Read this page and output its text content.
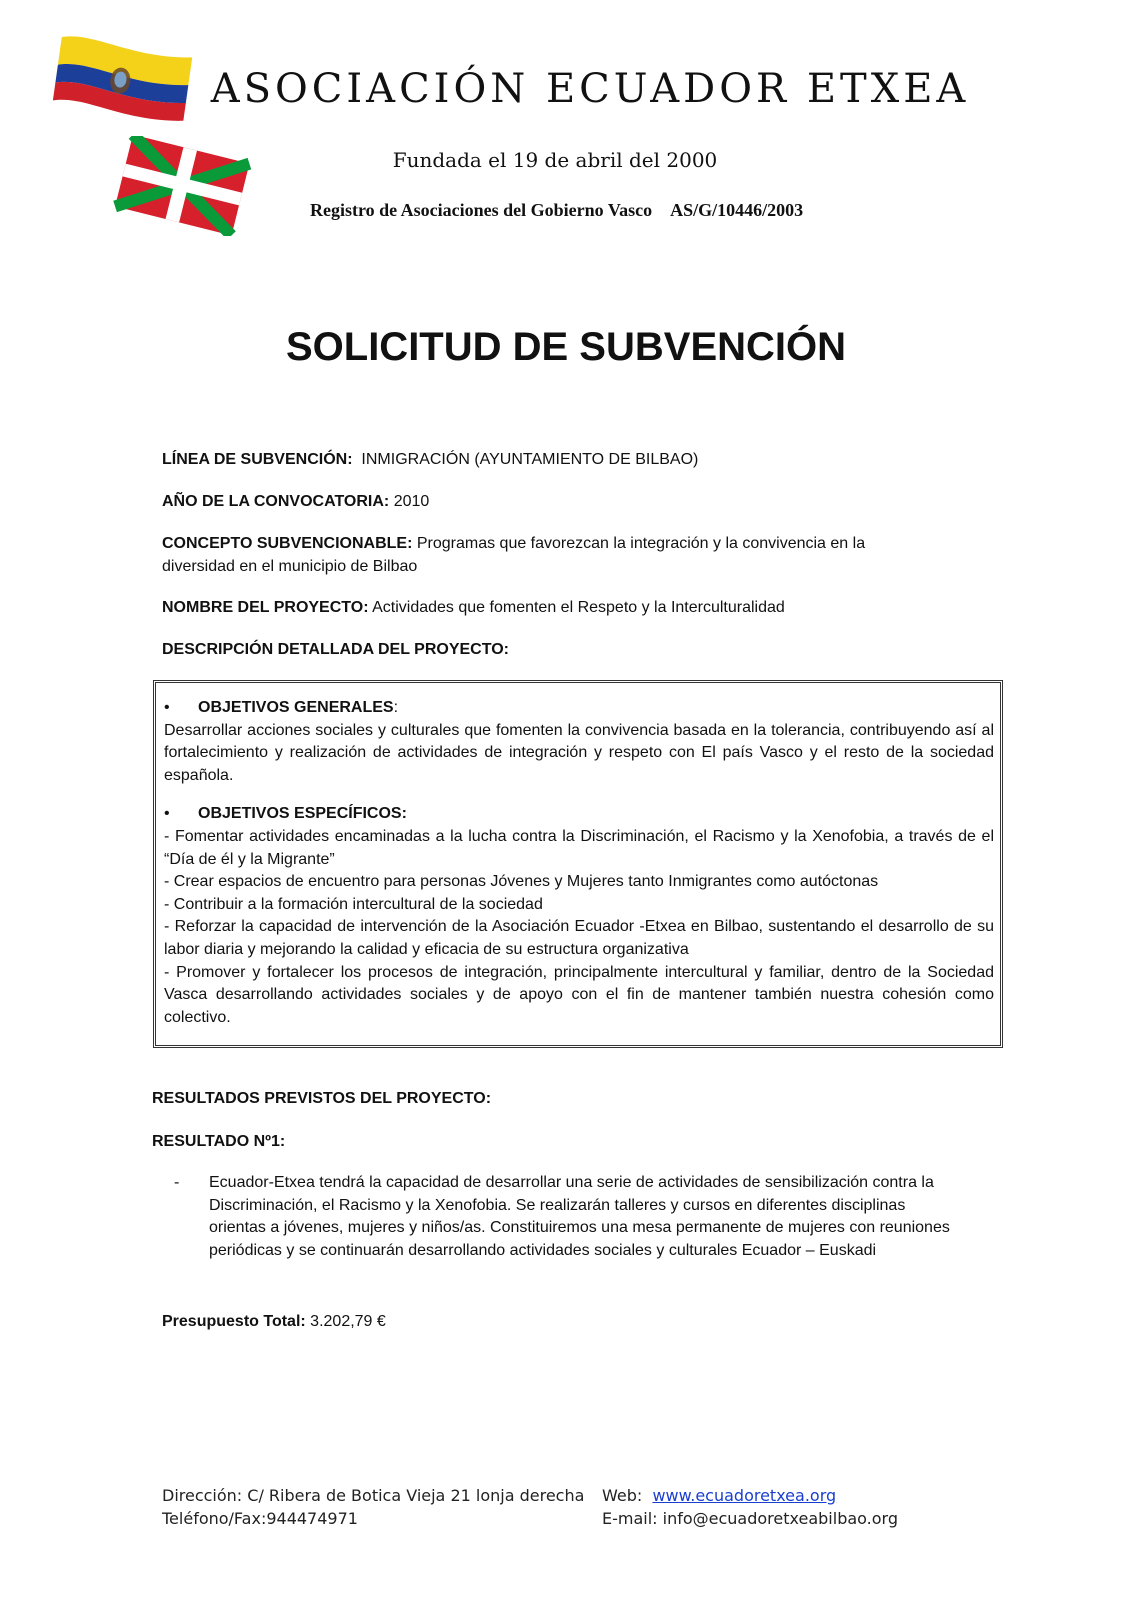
ASOCIACIÓN ECUADOR ETXEA
Fundada el 19 de abril del 2000
Registro de Asociaciones del Gobierno Vasco AS/G/10446/2003
SOLICITUD DE SUBVENCIÓN
LÍNEA DE SUBVENCIÓN: INMIGRACIÓN (AYUNTAMIENTO DE BILBAO)
AÑO DE LA CONVOCATORIA: 2010
CONCEPTO SUBVENCIONABLE: Programas que favorezcan la integración y la convivencia en la diversidad en el municipio de Bilbao
NOMBRE DEL PROYECTO: Actividades que fomenten el Respeto y la Interculturalidad
DESCRIPCIÓN DETALLADA DEL PROYECTO:
•	OBJETIVOS GENERALES:

Desarrollar acciones sociales y culturales que fomenten la convivencia basada en la tolerancia, contribuyendo así al fortalecimiento y realización de actividades de integración y respeto con El país Vasco y el resto de la sociedad española.

•	OBJETIVOS ESPECÍFICOS:

- Fomentar actividades encaminadas a la lucha contra la Discriminación, el Racismo y la Xenofobia, a través de el “Día de él y la Migrante”

- Crear espacios de encuentro para personas Jóvenes y Mujeres tanto Inmigrantes como autóctonas

- Contribuir a la formación intercultural de la sociedad

- Reforzar la capacidad de intervención de la Asociación Ecuador -Etxea en Bilbao, sustentando el desarrollo de su labor diaria y mejorando la calidad y eficacia de su estructura organizativa

- Promover y fortalecer los procesos de integración, principalmente intercultural y familiar, dentro de la Sociedad Vasca desarrollando actividades sociales y de apoyo con el fin de mantener también nuestra cohesión como colectivo.

RESULTADOS PREVISTOS DEL PROYECTO:
RESULTADO Nº1:
- Ecuador-Etxea tendrá la capacidad de desarrollar una serie de actividades de sensibilización contra la Discriminación, el Racismo y la Xenofobia. Se realizarán talleres y cursos en diferentes disciplinas orientas a jóvenes, mujeres y niños/as. Constituiremos una mesa permanente de mujeres con reuniones periódicas y se continuarán desarrollando actividades sociales y culturales Ecuador – Euskadi
Presupuesto Total: 3.202,79 €
Dirección: C/ Ribera de Botica Vieja 21 lonja derecha
Teléfono/Fax:944474971
Web: www.ecuadoretxea.org
E-mail: info@ecuadoretxeabilbao.org
